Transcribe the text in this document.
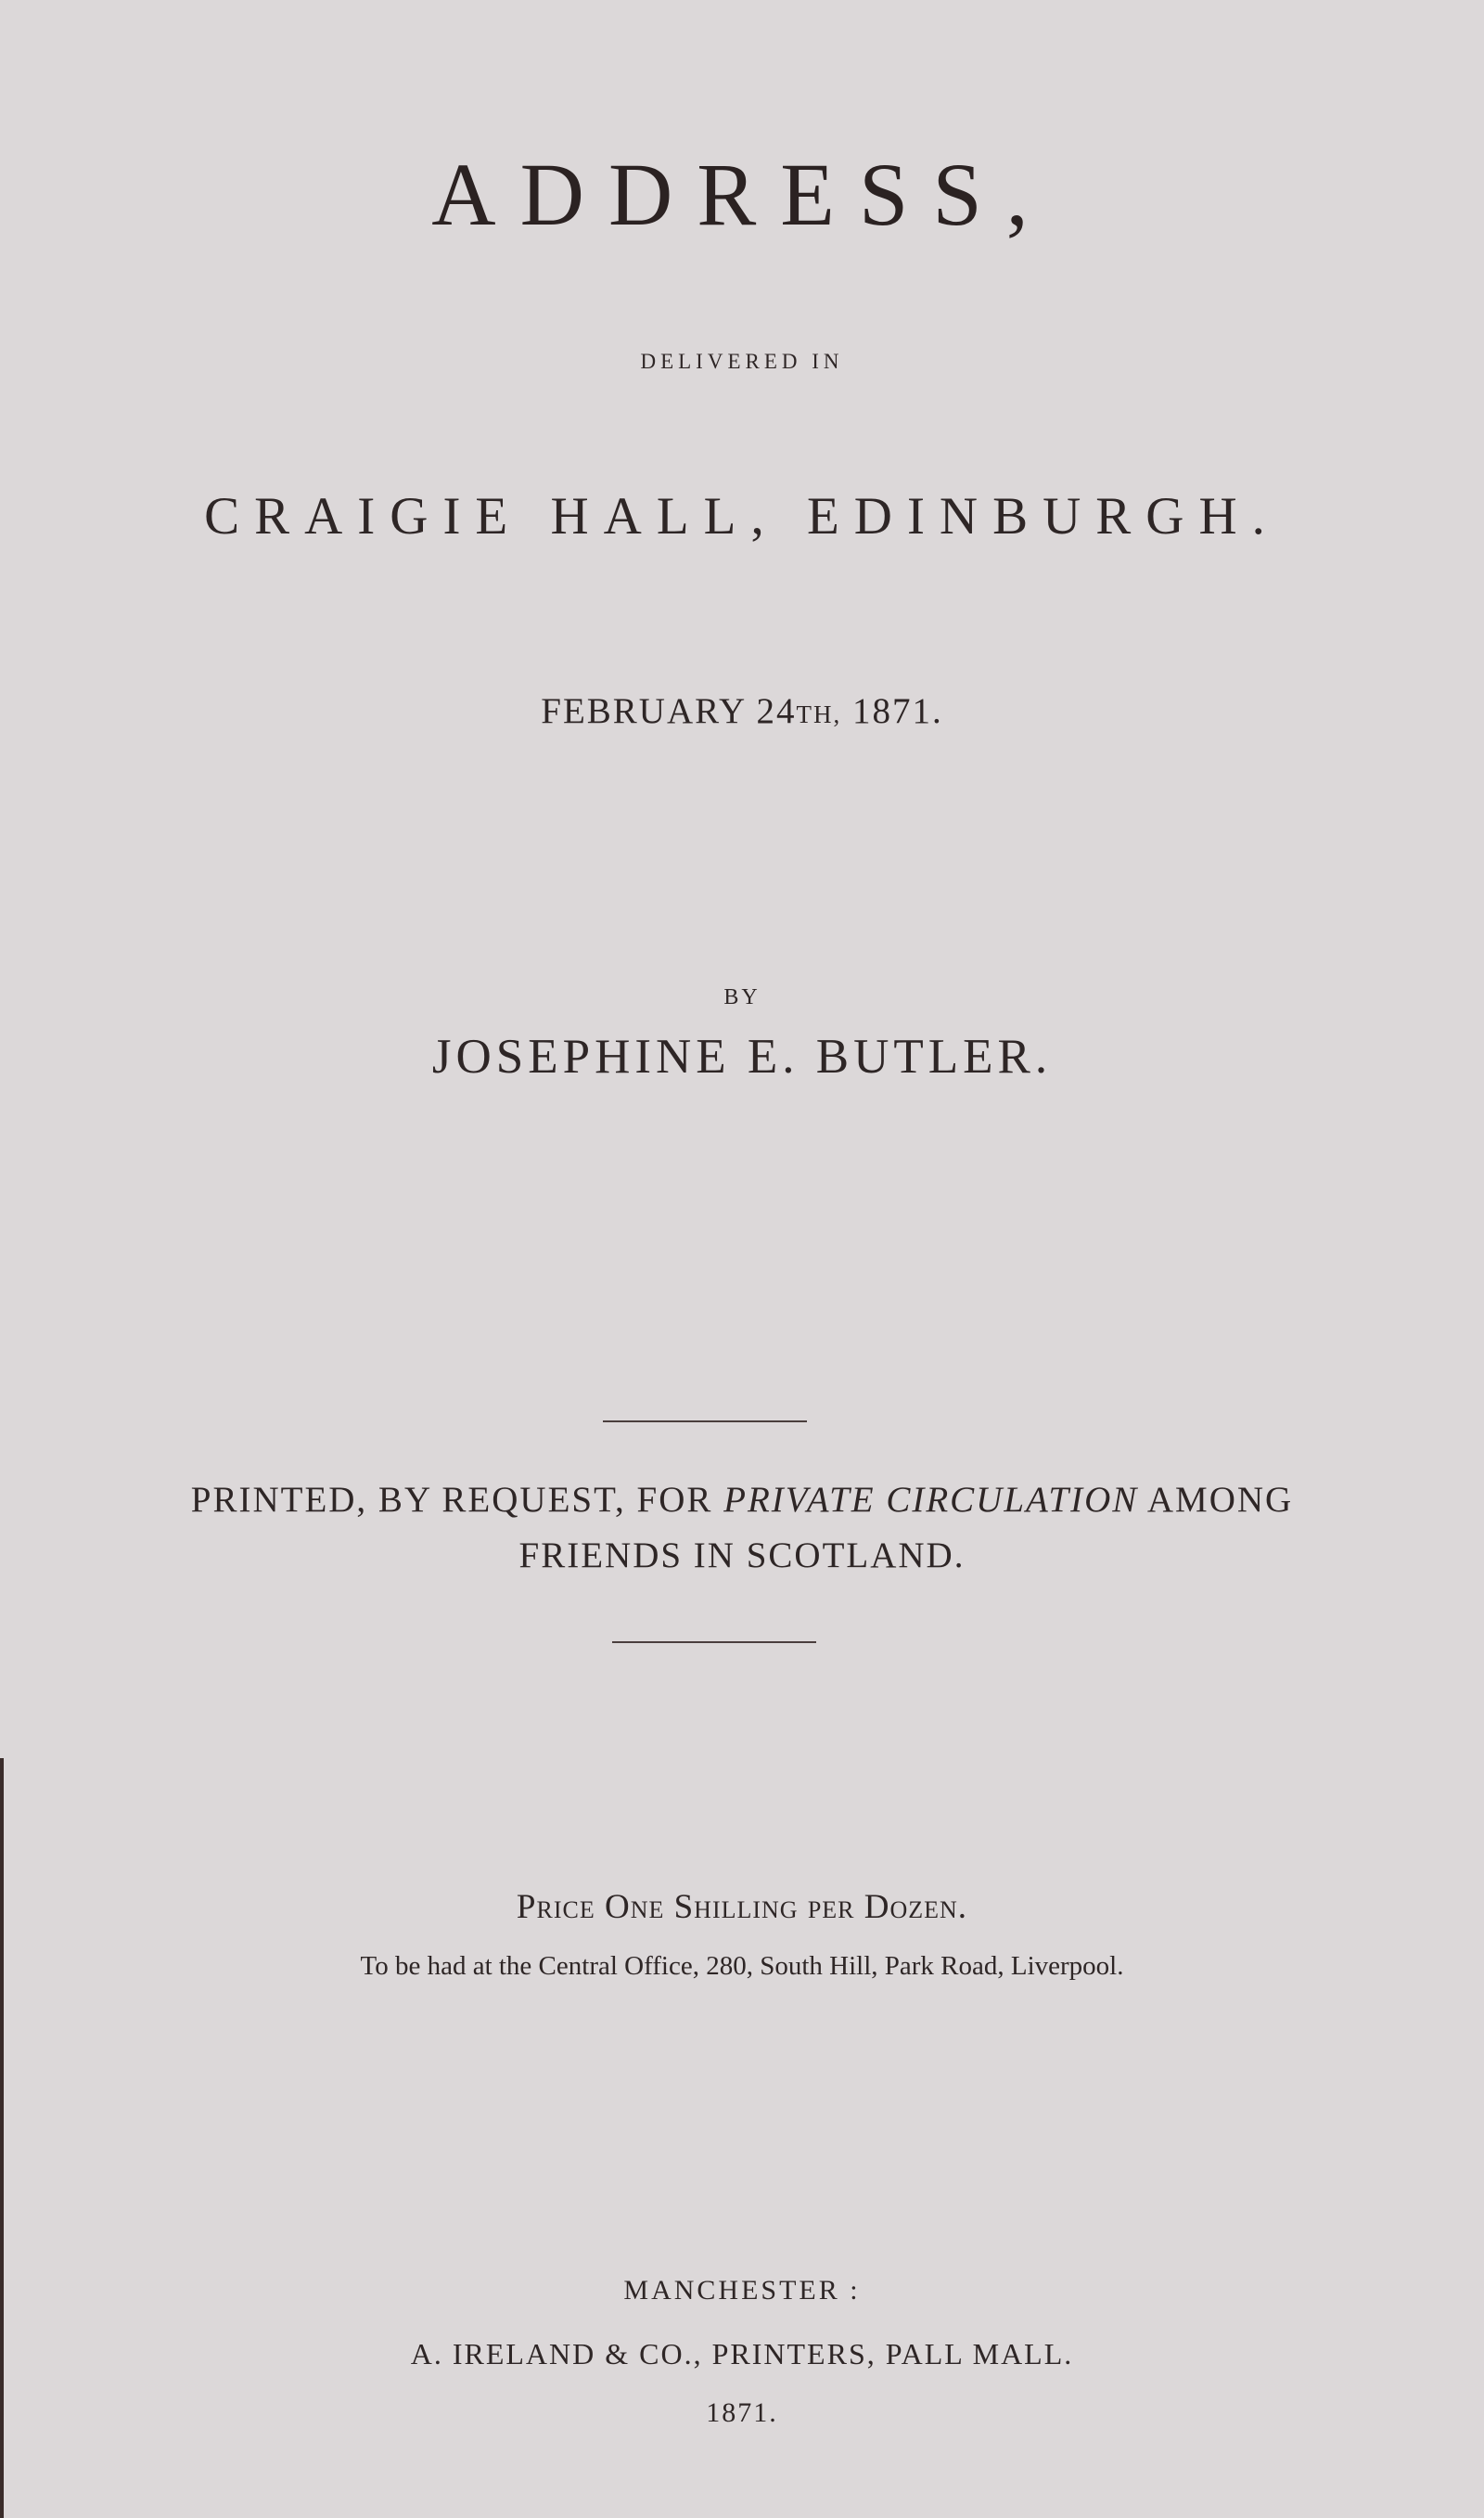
ADDRESS,
DELIVERED IN
CRAIGIE HALL, EDINBURGH.
FEBRUARY 24TH, 1871.
BY
JOSEPHINE E. BUTLER.
PRINTED, BY REQUEST, FOR PRIVATE CIRCULATION AMONG
FRIENDS IN SCOTLAND.
Price One Shilling per Dozen.
To be had at the Central Office, 280, South Hill, Park Road, Liverpool.
MANCHESTER :
A. IRELAND & CO., PRINTERS, PALL MALL.
1871.
